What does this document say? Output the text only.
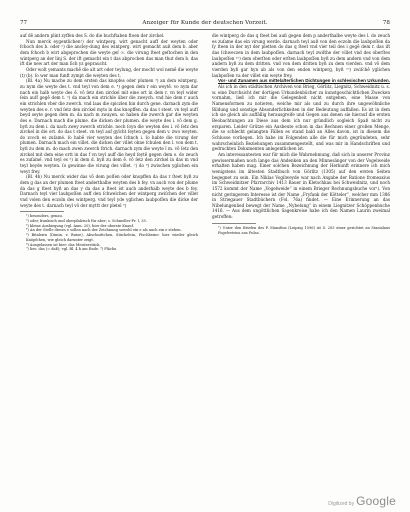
77	Anzeiger für Kunde der deutschen Vorzeit.	78

auf dē andern plint zyffen des S. do die buchftaben ftoen der zirckel.

Nun merck eygentlichen¹) der wintperg. wirt genacht auff der weyten oder fchoch des b. oder ²) die ancley-dung des wintperg. wirt gemacht auß dem b. aber dem fchoch b wirt abgeprochen die weyte geſ ☉. die virung ſteet geſtochen in den wintperg an der linj S. der ift gemacht ein t das abprochen das man thut dem b. das ift die new art der man ſich yz gepraucht.

Oder wolt yemants machē die alt art oder teylung, der mocht wol nemē die weyte (t) (b). ſo wer man funft zympt die weyten des t.

(Bl. 4a) Nu mache zu dem ersten das knopfes oder plumen ³) an dem wintperg. zu nym die weyte des t. vnd teyl von dem e. ⁴) gegen dem r ein weytē. vo nym dar nach ein halb weyte des ē. vō ſetz den zirckel mit eine ort in dem r. vn teyl wider ſein auſf gegē dem t. ⁵) da mach ein strichle über die zweych. vnd hie dem r auch ein strichlen vber die zwerch. vnd laas die spiczlen hin durch gene. darnach zym die weyten des e. r. vnd ſetz den zirckel myts in das knopffen. da das t steet. vn teyl aufſ beyd seyte gegen dem m. da nach m zwayen. so haben die zwerch gar die weyten des e. Darnach mach die plume. die dicken der plumen. die weyte des i. vō dem g. byß zu dem i. da nach zwey zwerch strichle. noch ſoyn die weyten des i. vō ſetz den zirckel in die ort. do das t steet. vn teyl auf gylcht ſeyten gegen dem v. zwo weyten. do zcoch es zuſamé. ſo habē vier weyten des ſchnch i. ſo habte die virung der plumen. Darnach mach ein villet. die dicken der villet ohne ſchulen den l. von dem t. byß zu dem m. do mach zwen zwerch ſtrich. darnach zym die weyte l m. vō ſetz den zirckel mit dem eine ortt in das f vn teyl auff die beyd ſeytē gegen dem o. do zeuch es zuſamé. vnd teyl es ⁶) in dem d. byß zu dem ē. vō ſetz den zirckel in das m vnd teyl beyde weyten. ſo gewinne die virung des villet. ⁷) do ⁸) zwischen yglichen ein weyt frey.

(Bl. 4b) Nu merck wider das vō dem poſſen oder knopffen da das r ſteet byß zu dem g das an der plumen ſteet anderthalbe weyten des b fey. vn auch von der plume da das g ſteet byß an das y da das a ſteet ist auch anderhalb weyte des b fey. Darnach teyl vier laubpoſſen auff den ſchwelchen der wintperg zwiſchen der villet vnd volen den eczoln des wintperg. vnd teyl yde yglichen laubpoſſen die dicke der weyte des t. darnach teyl vō der myttt der pletel ⁹)

¹) besonders, genau.

²) oder, frankisch und oberpfalzisch für aber; s. Schmeller-Fr. I, 35.

³) kleine Ausbiegung (vgl. Anm. 20), hier der oberste Knauf.

⁴) An der Stelle dieses e sollen nach der Zeichnung sowohl ein e als auch ein e stehen.

⁵) Bitaleirn (Dimin. v. Butze), Abschnittchen, Stückelein, Fischbeine: hier wieder gleich Knöpfchen, wie gleich darunter zeigt.

⁶) Ausgelassen ist hier: das Meisterstück.

⁷) lies: das (= daß); vgl. Bl. 4 b am Ende. ⁹) Fläche.

die wintperg do das q ſteet bei auß gegen dem p anderthalbe weyte des l. do zeuch es zuſame das ein virung werde. darnach teyl auß von den eczoln die laubpoſſen da ſy ſteen in der nyt der pletten do das q ſteet vnd vier teil des i gegē dem r. das iſt das ſchweczen in dem laubpoſſen. darnach teyl zwiſthe der villet vnd des oberſtes laubpoſſen ¹⁰) dem oberſten oder erſten laubpoſſen byß zu dem andern vnd von dem andern byß zu dem dritten. vnd von dem dritten byß zu dem vierden. vnd vō dem vierden byß gar hyn ab als von den enden wintperg, byß ¹⁰) zwiſchē yglichen laubpoſſen va der villet ein weyte frey.

Vor- und Zunamen aus mittelalterlichen Dichtungen in schlesischen Urkunden.

Als ich in den städtischen Archiven von Brieg, Görlitz, Liegnitz, Schweidnitz u. s. w. eine Durchsicht der dortigen Urkundenbücher zu kunstgeschichtlichen Zwecken vornahm, ließ ich mir die Gelegenheit nicht entgehen, eine Masse von Namensformen zu notieren, welche mir als und zu durch ihre ungewöhnliche Bildung und sonstige Absonderlichkeiten in der Bedeutung auffallen. Es ist in dem ich sie gleich als auffällig herausgreife und Gegen aus denen sie hierauf die ersten Beobachtungen an Diese aus dem ich nur gründlich sogleich Spaß nicht zu ersparen. Leider Grütze ein Ausbeute schon in das Rechnen einer großen Menge, die so schlecht gelangten Fällen es stand bald an Alles davon, ist in diesem die Schlusse vorliegen. Ich habe im Folgenden alle die für mich gegründeten, sehr wahrscheinlich Beziehungen zusammengestellt, und was mir in Handschriften und gedruckten Dokumenten anlegentlichen ist.

Am interessantesten war für mich die Wahrnehmung, daß sich in unserer Provinz gewissermaßen noch lange das Andenken an den Minnesänger von der Vogelweide erhalten haben mag. Einer solchen Bezeichnung der Herkunft erinnere ich mich wenigstens im ältesten Stadtbuch von Görlitz (1305) auf den ersten Seiten begegnet zu sein. Ein Niklas Vogilweyde war nach Angabe der Ratione fromeaxius im Schweidnitzer Pfarrarchiv 1413 Bauer in Kletschkau bei Schweidnitz, und noch 1572 kommt der Name „Vogelweide“ in einem Brieger Rechnungsbuche vor¹). Von nicht geringerem Interesse ist der Name „Fryfank der Kötteler“, welcher mm 1386 in Striegauer Stadtbüchern (Fol. 76a) findet. — Eine Erinnerung an das Nibelungenlied bewegt der Name „Nybelung“ in einem Liegnitzer Schöppenbuche 1416. — Aus dem ungöttlichen Sagenkreise habe ich den Namen Laurin zweimal getroffen:

¹) Unter den Briefen des P. Mansfius (Leipzig 1596) ist S. 205 einer gerichtet an Stanislaus Fogelvetrius aus Pulsa.

Digitized by Google
